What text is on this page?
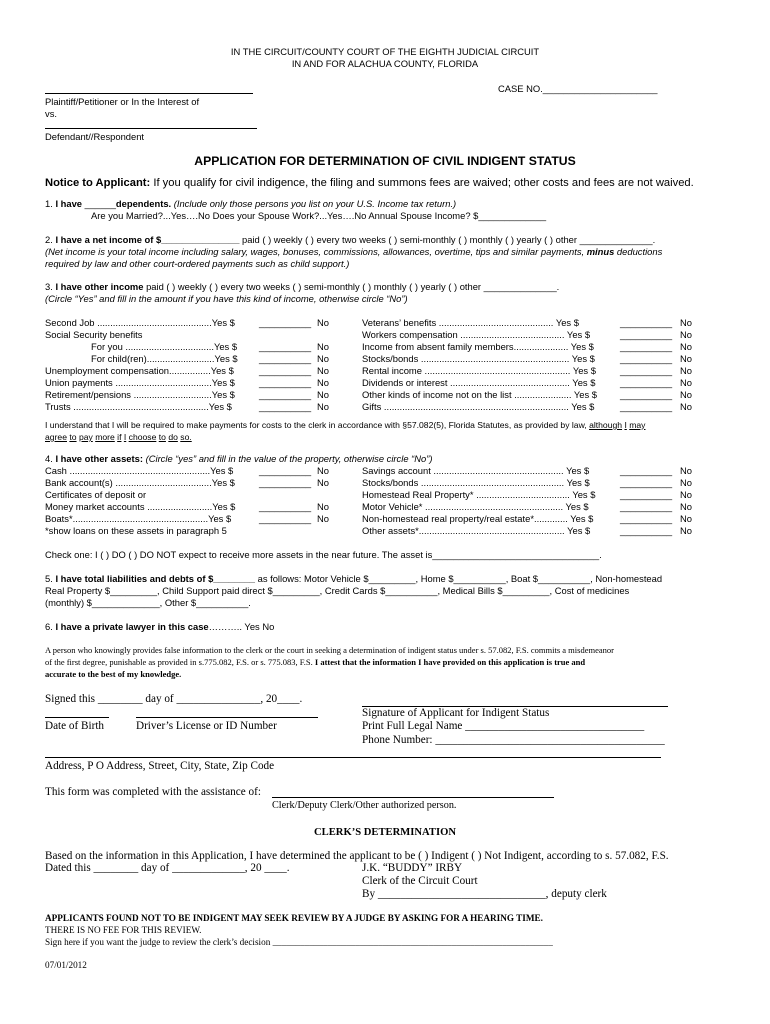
IN THE CIRCUIT/COUNTY COURT OF THE EIGHTH JUDICIAL CIRCUIT
IN AND FOR ALACHUA COUNTY, FLORIDA
CASE NO.______________________
Plaintiff/Petitioner or In the Interest of
vs.
Defendant//Respondent
APPLICATION FOR DETERMINATION OF CIVIL INDIGENT STATUS
Notice to Applicant: If you qualify for civil indigence, the filing and summons fees are waived; other costs and fees are not waived.
1. I have ______dependents. (Include only those persons you list on your U.S. Income tax return.)
Are you Married?...Yes….No Does your Spouse Work?...Yes….No Annual Spouse Income? $_____________
2. I have a net income of $_______________ paid ( ) weekly ( ) every two weeks ( ) semi-monthly ( ) monthly ( ) yearly ( ) other ______________.
(Net income is your total income including salary, wages, bonuses, commissions, allowances, overtime, tips and similar payments, minus deductions
required by law and other court-ordered payments such as child support.)
3. I have other income paid ( ) weekly ( ) every two weeks ( ) semi-monthly ( ) monthly ( ) yearly ( ) other ______________.
(Circle “Yes” and fill in the amount if you have this kind of income, otherwise circle “No”)
Second Job ............................................Yes $	__________ No
Social Security benefits
For you ..................................Yes $ __________ No
For child(ren)..........................Yes $ __________ No
Unemployment compensation................Yes $	__________ No
Union payments .....................................Yes $	__________ No
Retirement/pensions ..............................Yes $	__________ No
Trusts ....................................................Yes $	__________ No
Veterans’ benefits ............................................ Yes $	__________ No
Workers compensation ........................................ Yes $	__________ No
Income from absent family members..................... Yes $	__________ No
Stocks/bonds ......................................................... Yes $	__________ No
Rental income ........................................................ Yes $	__________ No
Dividends or interest .............................................. Yes $	__________ No
Other kinds of income not on the list ...................... Yes $ __________ No
Gifts ....................................................................... Yes $	__________ No
I understand that I will be required to make payments for costs to the clerk in accordance with §57.082(5), Florida Statutes, as provided by law, although I may
agree to pay more if I choose to do so.
4. I have other assets: (Circle “yes” and fill in the value of the property, otherwise circle “No”)
Cash ......................................................Yes $	__________ No
Bank account(s) .....................................Yes $	__________ No
Certificates of deposit or
Money market accounts .........................Yes $	__________ No
Boats*....................................................Yes $	__________ No
*show loans on these assets in paragraph 5
Savings account .................................................. Yes $	__________ No
Stocks/bonds ....................................................... Yes $	__________ No
Homestead Real Property* .................................... Yes $	__________ No
Motor Vehicle* ..................................................... Yes $	__________ No
Non-homestead real property/real estate*............. Yes $	__________ No
Other assets*........................................................ Yes $	__________ No
Check one: I ( ) DO ( ) DO NOT expect to receive more assets in the near future. The asset is________________________________.
5. I have total liabilities and debts of $________ as follows: Motor Vehicle $_________, Home $__________, Boat $__________, Non-homestead
Real Property $_________, Child Support paid direct $_________, Credit Cards $__________, Medical Bills $_________, Cost of medicines
(monthly) $_____________, Other $__________.
6. I have a private lawyer in this case……….. Yes No
A person who knowingly provides false information to the clerk or the court in seeking a determination of indigent status under s. 57.082, F.S. commits a misdemeanor
of the first degree, punishable as provided in s.775.082, F.S. or s. 775.083, F.S. I attest that the information I have provided on this application is true and
accurate to the best of my knowledge.
Signed this ________ day of _______________, 20____.
Signature of Applicant for Indigent Status
Date of Birth	Driver’s License or ID Number	Print Full Legal Name ________________________________
Phone Number: _________________________________________
Address, P O Address, Street, City, State, Zip Code
This form was completed with the assistance of:
Clerk/Deputy Clerk/Other authorized person.
CLERK’S DETERMINATION
Based on the information in this Application, I have determined the applicant to be ( ) Indigent ( ) Not Indigent, according to s. 57.082, F.S.
Dated this ________ day of _____________, 20 ____.	J.K. “BUDDY” IRBY
Clerk of the Circuit Court
By ______________________________, deputy clerk
APPLICANTS FOUND NOT TO BE INDIGENT MAY SEEK REVIEW BY A JUDGE BY ASKING FOR A HEARING TIME.
THERE IS NO FEE FOR THIS REVIEW.
Sign here if you want the judge to review the clerk’s decision _____________________________________________________________
07/01/2012
